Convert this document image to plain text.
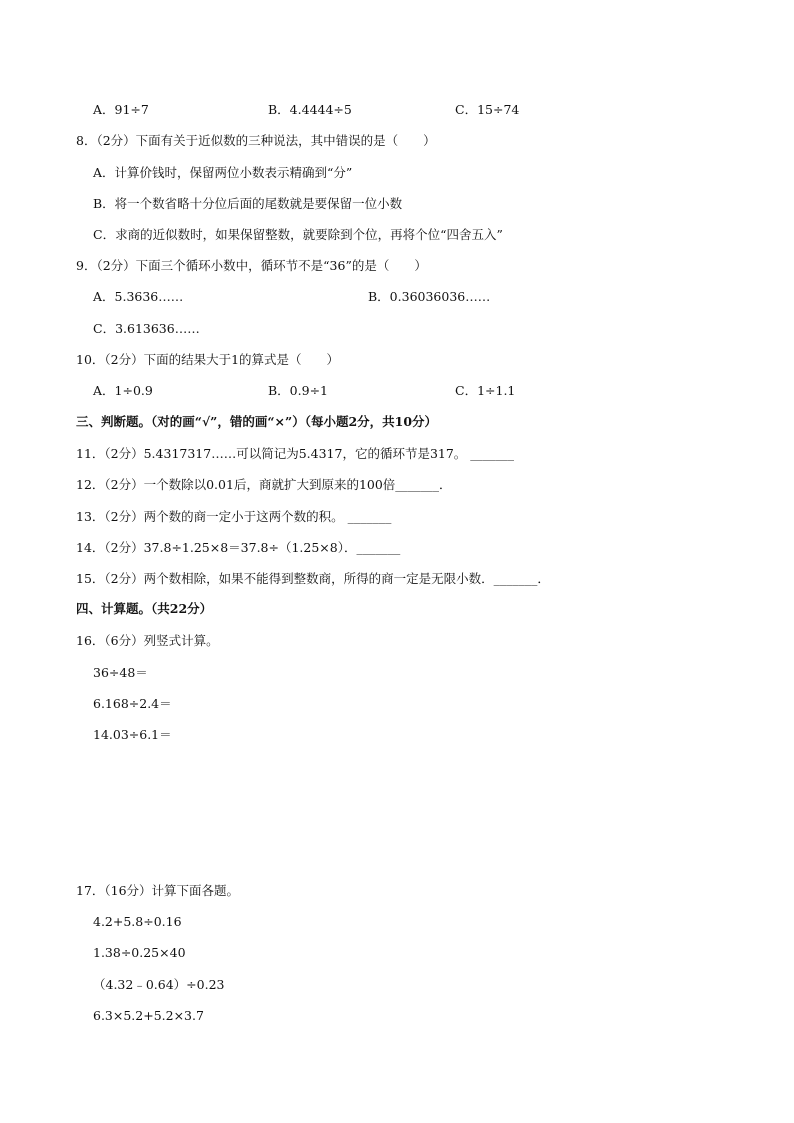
A．91÷7	B．4.4444÷5	C．15÷74
8．（2分）下面有关于近似数的三种说法，其中错误的是（　　）
A．计算价钱时，保留两位小数表示精确到“分”
B．将一个数省略十分位后面的尾数就是要保留一位小数
C．求商的近似数时，如果保留整数，就要除到个位，再将个位“四舍五入”
9．（2分）下面三个循环小数中，循环节不是“36”的是（　　）
A．5.3636……	B．0.36036036……
C．3.613636……
10．（2分）下面的结果大于1的算式是（　　）
A．1÷0.9	B．0.9÷1	C．1÷1.1
三、判断题。（对的画“√”，错的画“×”）（每小题2分，共10分）
11．（2分）5.4317317……可以简记为5.4317，它的循环节是317。 _______
12．（2分）一个数除以0.01后，商就扩大到原来的100倍_______．
13．（2分）两个数的商一定小于这两个数的积。 _______
14．（2分）37.8÷1.25×8＝37.8÷（1.25×8）．_______
15．（2分）两个数相除，如果不能得到整数商，所得的商一定是无限小数．_______．
四、计算题。（共22分）
16．（6分）列竖式计算。
36÷48＝
6.168÷2.4＝
14.03÷6.1＝
17．（16分）计算下面各题。
4.2+5.8÷0.16
1.38÷0.25×40
（4.32﹣0.64）÷0.23
6.3×5.2+5.2×3.7
